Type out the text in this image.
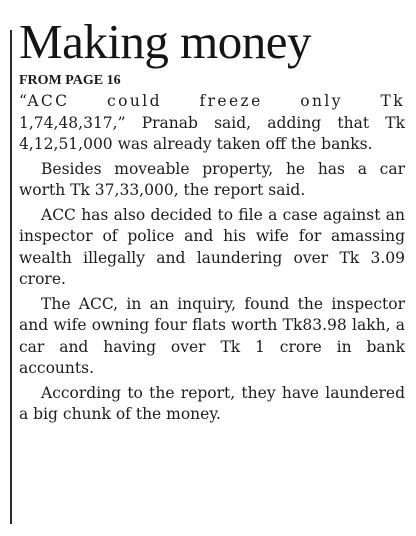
Making money
FROM PAGE 16

“ACC could freeze only Tk
1,74,48,317,” Pranab said, adding that Tk 4,12,51,000 was already taken off the banks.

Besides moveable property, he has a car worth Tk 37,33,000, the report said.

ACC has also decided to file a case against an inspector of police and his wife for amassing wealth illegally and laundering over Tk 3.09 crore.

The ACC, in an inquiry, found the inspector and wife owning four flats worth Tk83.98 lakh, a car and having over Tk 1 crore in bank accounts.

According to the report, they have laundered a big chunk of the money.
